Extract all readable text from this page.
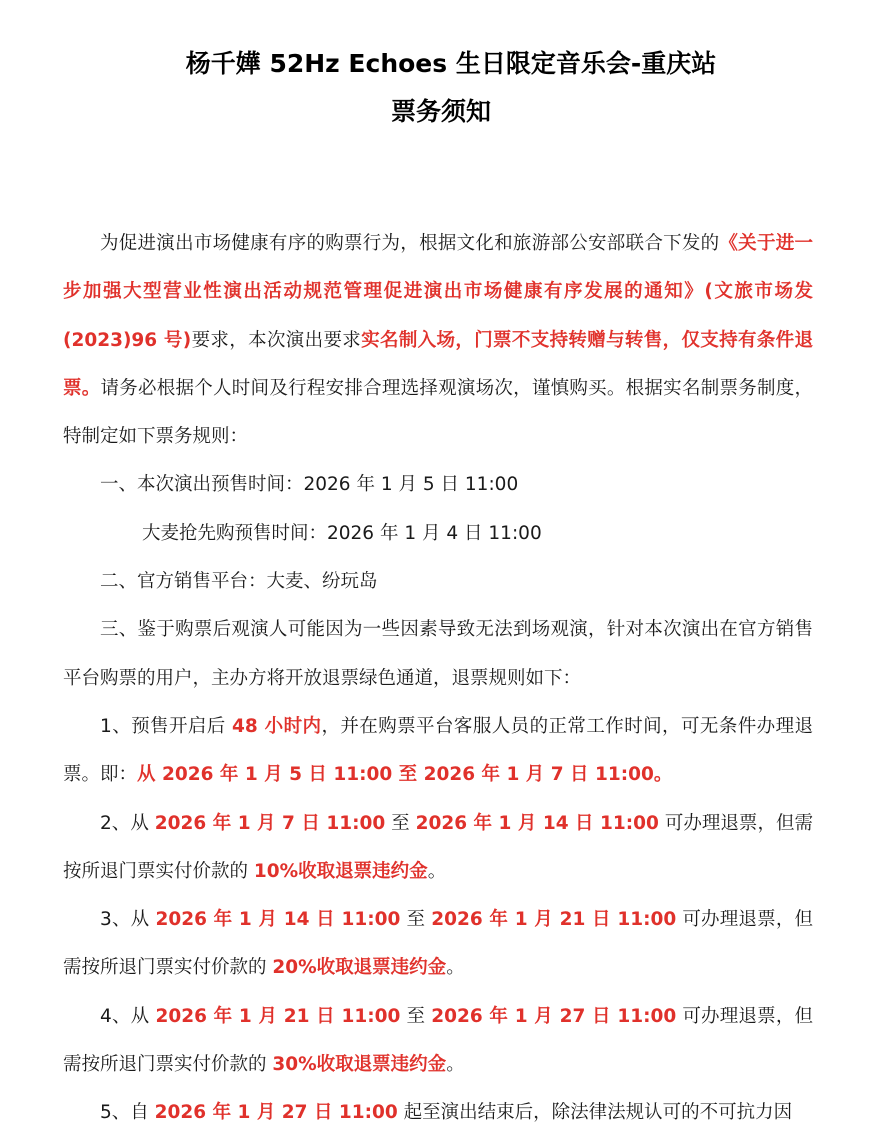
杨千嬅 52Hz Echoes 生日限定音乐会-重庆站
票务须知

为促进演出市场健康有序的购票行为，根据文化和旅游部公安部联合下发的《关于进一步加强大型营业性演出活动规范管理促进演出市场健康有序发展的通知》(文旅市场发(2023)96 号)要求，本次演出要求实名制入场，门票不支持转赠与转售，仅支持有条件退票。请务必根据个人时间及行程安排合理选择观演场次，谨慎购买。根据实名制票务制度，特制定如下票务规则：

一、本次演出预售时间：2026 年 1 月 5 日 11:00

大麦抢先购预售时间：2026 年 1 月 4 日 11:00

二、官方销售平台：大麦、纷玩岛

三、鉴于购票后观演人可能因为一些因素导致无法到场观演，针对本次演出在官方销售平台购票的用户，主办方将开放退票绿色通道，退票规则如下：

1、预售开启后 48 小时内，并在购票平台客服人员的正常工作时间，可无条件办理退票。即：从 2026 年 1 月 5 日 11:00 至 2026 年 1 月 7 日 11:00。

2、从 2026 年 1 月 7 日 11:00 至 2026 年 1 月 14 日 11:00 可办理退票，但需按所退门票实付价款的 10%收取退票违约金。

3、从 2026 年 1 月 14 日 11:00 至 2026 年 1 月 21 日 11:00 可办理退票，但需按所退门票实付价款的 20%收取退票违约金。

4、从 2026 年 1 月 21 日 11:00 至 2026 年 1 月 27 日 11:00 可办理退票，但需按所退门票实付价款的 30%收取退票违约金。

5、自 2026 年 1 月 27 日 11:00 起至演出结束后，除法律法规认可的不可抗力因
